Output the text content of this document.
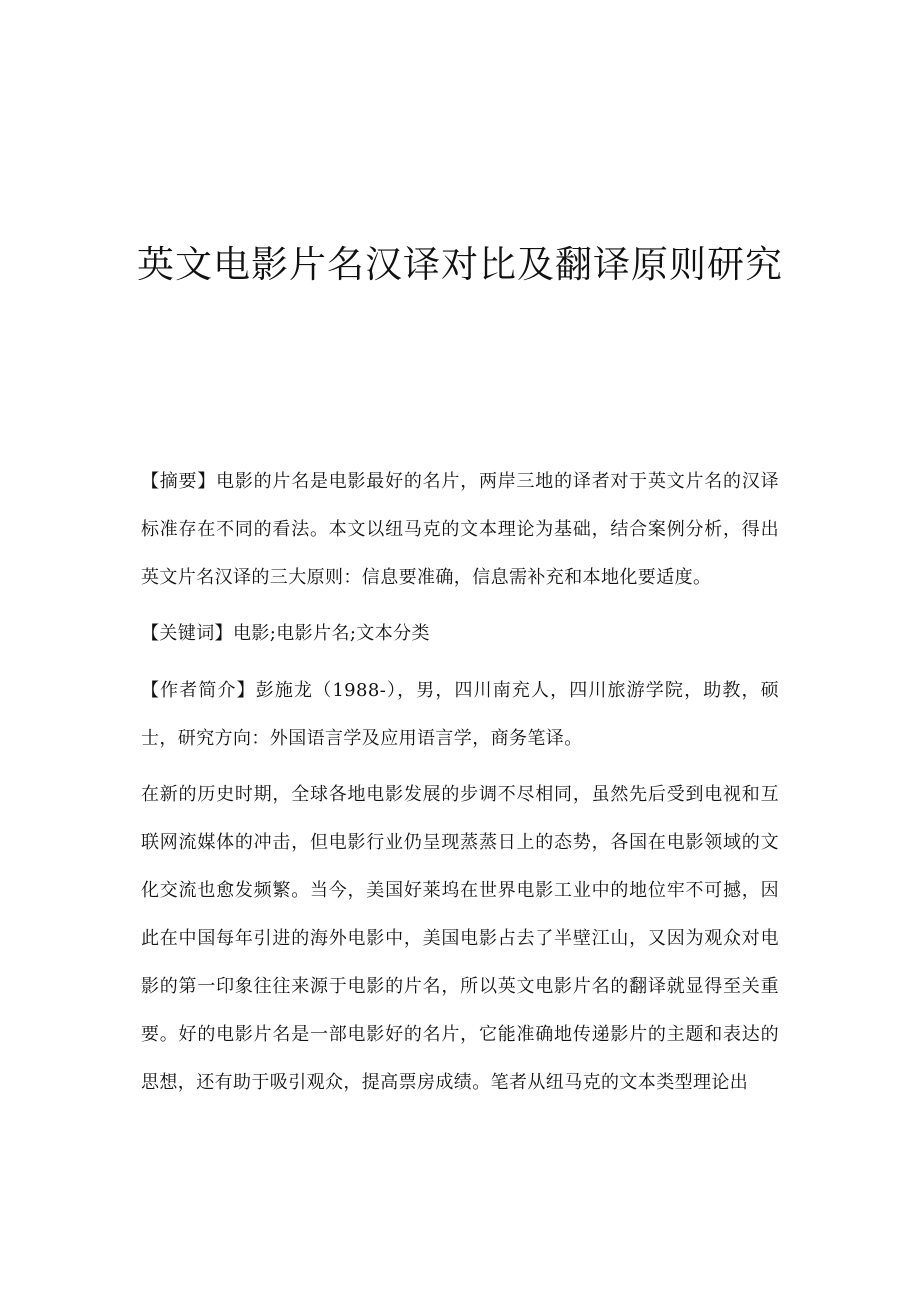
英文电影片名汉译对比及翻译原则研究
【摘要】电影的片名是电影最好的名片，两岸三地的译者对于英文片名的汉译标准存在不同的看法。本文以纽马克的文本理论为基础，结合案例分析，得出英文片名汉译的三大原则：信息要准确，信息需补充和本地化要适度。
【关键词】电影;电影片名;文本分类
【作者简介】彭施龙（1988-），男，四川南充人，四川旅游学院，助教，硕士，研究方向：外国语言学及应用语言学，商务笔译。
在新的历史时期，全球各地电影发展的步调不尽相同，虽然先后受到电视和互联网流媒体的冲击，但电影行业仍呈现蒸蒸日上的态势，各国在电影领域的文化交流也愈发频繁。当今，美国好莱坞在世界电影工业中的地位牢不可撼，因此在中国每年引进的海外电影中，美国电影占去了半壁江山，又因为观众对电影的第一印象往往来源于电影的片名，所以英文电影片名的翻译就显得至关重要。好的电影片名是一部电影好的名片，它能准确地传递影片的主题和表达的思想，还有助于吸引观众，提高票房成绩。笔者从纽马克的文本类型理论出
